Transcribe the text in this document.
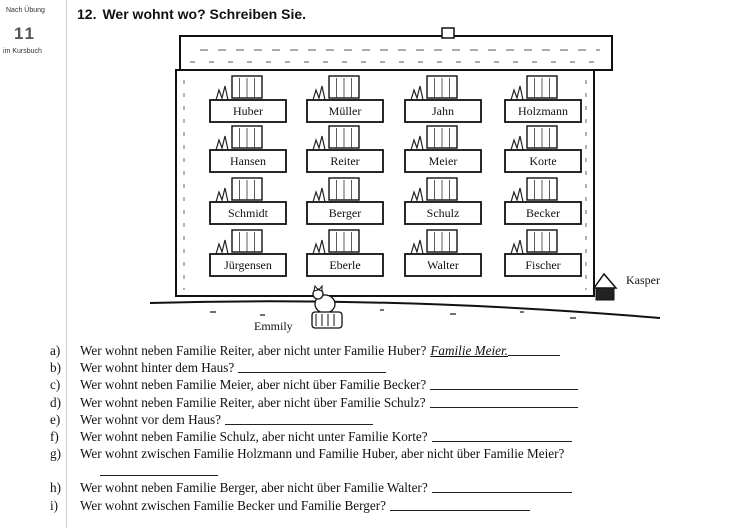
Nach Übung
11
im Kursbuch
12. Wer wohnt wo? Schreiben Sie.
Huber	Müller	Jahn	Holzmann
Hansen	Reiter	Meier	Korte
Schmidt	Berger	Schulz	Becker
Jürgensen	Eberle	Walter	Fischer
Kasper
Emmily
a)	Wer wohnt neben Familie Reiter, aber nicht unter Familie Huber? Familie Meier.
b)	Wer wohnt hinter dem Haus?
c)	Wer wohnt neben Familie Meier, aber nicht über Familie Becker?
d)	Wer wohnt neben Familie Reiter, aber nicht über Familie Schulz?
e)	Wer wohnt vor dem Haus?
f)	Wer wohnt neben Familie Schulz, aber nicht unter Familie Korte?
g)	Wer wohnt zwischen Familie Holzmann und Familie Huber, aber nicht über Familie Meier?
h)	Wer wohnt neben Familie Berger, aber nicht über Familie Walter?
i)	Wer wohnt zwischen Familie Becker und Familie Berger?
